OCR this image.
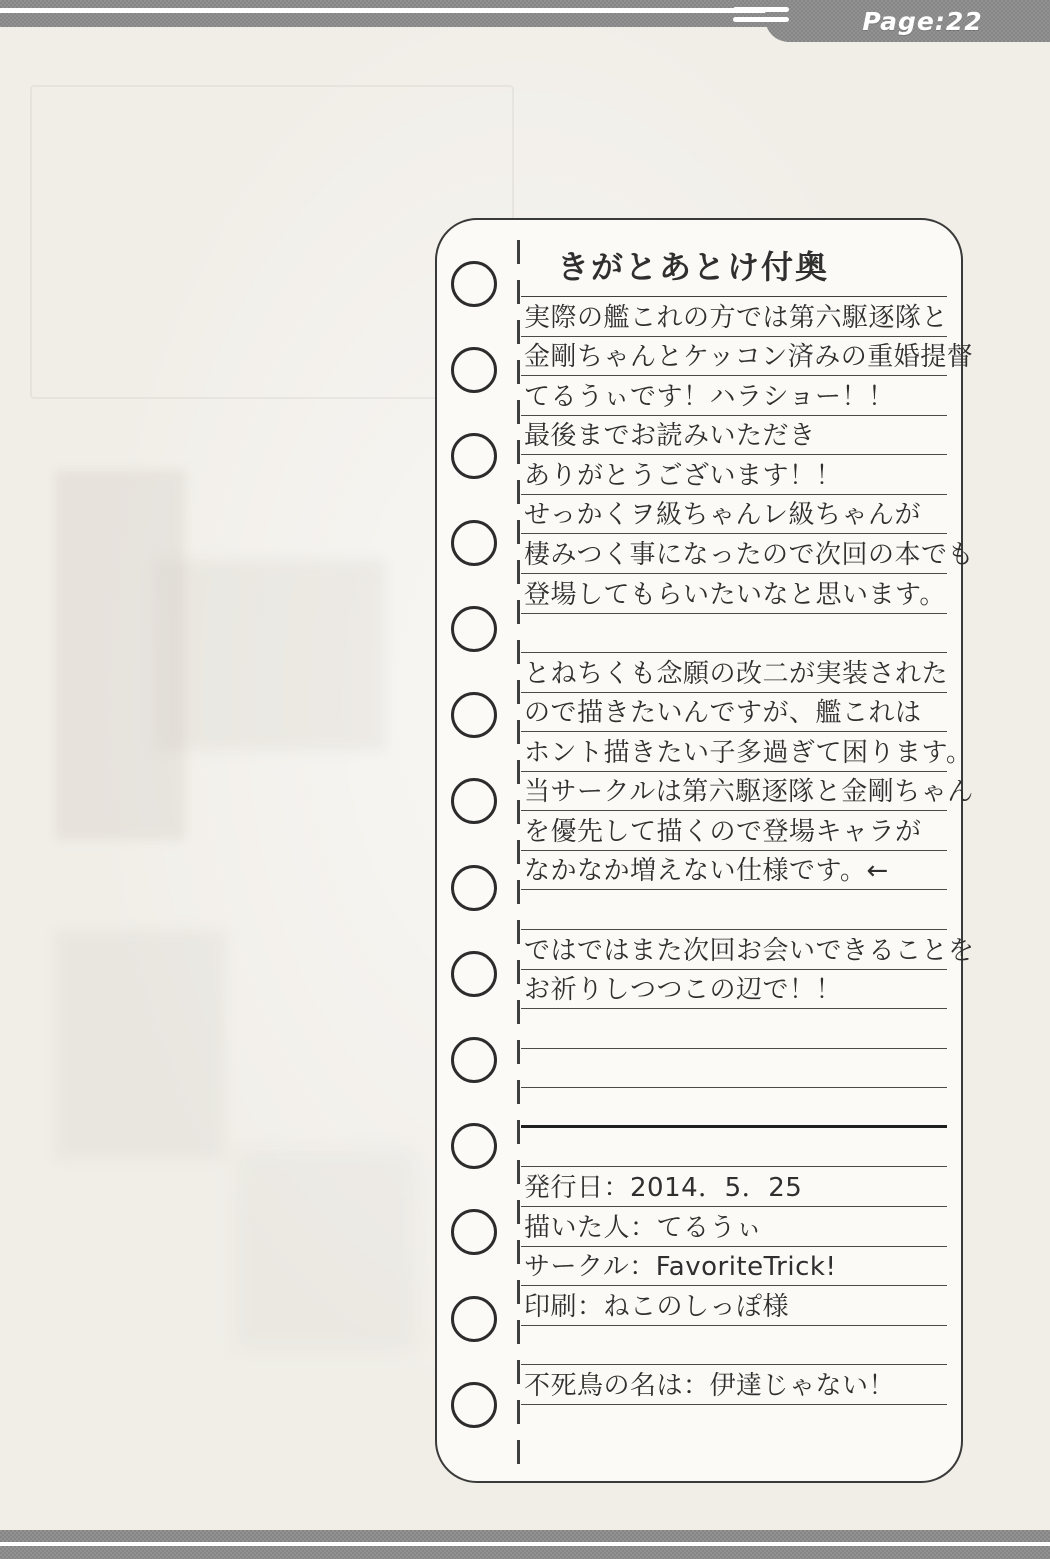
Page:22
きがとあとけ付奥
実際の艦これの方では第六駆逐隊と
金剛ちゃんとケッコン済みの重婚提督
てるうぃです！ハラショー！！
最後までお読みいただき
ありがとうございます！！
せっかくヲ級ちゃんレ級ちゃんが
棲みつく事になったので次回の本でも
登場してもらいたいなと思います。
とねちくも念願の改二が実装された
ので描きたいんですが、艦これは
ホント描きたい子多過ぎて困ります。
当サークルは第六駆逐隊と金剛ちゃん
を優先して描くので登場キャラが
なかなか増えない仕様です。←
ではではまた次回お会いできることを
お祈りしつつこの辺で！！
発行日：2014．5．25
描いた人：てるうぃ
サークル：FavoriteTrick!
印刷：ねこのしっぽ様
不死鳥の名は：伊達じゃない！
